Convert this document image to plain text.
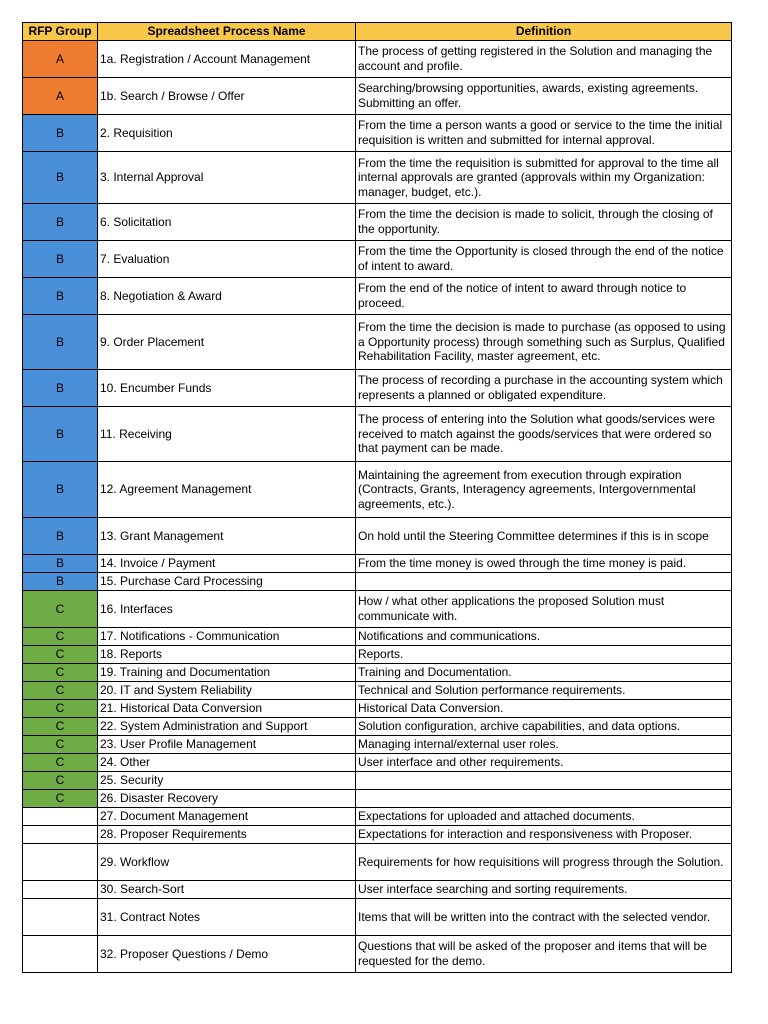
RFP Group	Spreadsheet Process Name	Definition
A	1a. Registration / Account Management	The process of getting registered in the Solution and managing the account and profile.
A	1b. Search / Browse / Offer	Searching/browsing opportunities, awards, existing agreements. Submitting an offer.
B	2. Requisition	From the time a person wants a good or service to the time the initial requisition is written and submitted for internal approval.
B	3. Internal Approval	From the time the requisition is submitted for approval to the time all internal approvals are granted (approvals within my Organization: manager, budget, etc.).
B	6. Solicitation	From the time the decision is made to solicit, through the closing of the opportunity.
B	7. Evaluation	From the time the Opportunity is closed through the end of the notice of intent to award.
B	8. Negotiation & Award	From the end of the notice of intent to award through notice to proceed.
B	9. Order Placement	From the time the decision is made to purchase (as opposed to using a Opportunity process) through something such as Surplus, Qualified Rehabilitation Facility, master agreement, etc.
B	10. Encumber Funds	The process of recording a purchase in the accounting system which represents a planned or obligated expenditure.
B	11. Receiving	The process of entering into the Solution what goods/services were received to match against the goods/services that were ordered so that payment can be made.
B	12. Agreement Management	Maintaining the agreement from execution through expiration (Contracts, Grants, Interagency agreements, Intergovernmental agreements, etc.).
B	13. Grant Management	On hold until the Steering Committee determines if this is in scope
B	14. Invoice / Payment	From the time money is owed through the time money is paid.
B	15. Purchase Card Processing	
C	16. Interfaces	How / what other applications the proposed Solution must communicate with.
C	17. Notifications - Communication	Notifications and communications.
C	18. Reports	Reports.
C	19. Training and Documentation	Training and Documentation.
C	20. IT and System Reliability	Technical and Solution performance requirements.
C	21. Historical Data Conversion	Historical Data Conversion.
C	22. System Administration and Support	Solution configuration, archive capabilities, and data options.
C	23. User Profile Management	Managing internal/external user roles.
C	24. Other	User interface and other requirements.
C	25. Security	
C	26. Disaster Recovery	
	27. Document Management	Expectations for uploaded and attached documents.
	28. Proposer Requirements	Expectations for interaction and responsiveness with Proposer.
	29. Workflow	Requirements for how requisitions will progress through the Solution.
	30. Search-Sort	User interface searching and sorting requirements.
	31. Contract Notes	Items that will be written into the contract with the selected vendor.
	32. Proposer Questions / Demo	Questions that will be asked of the proposer and items that will be requested for the demo.
